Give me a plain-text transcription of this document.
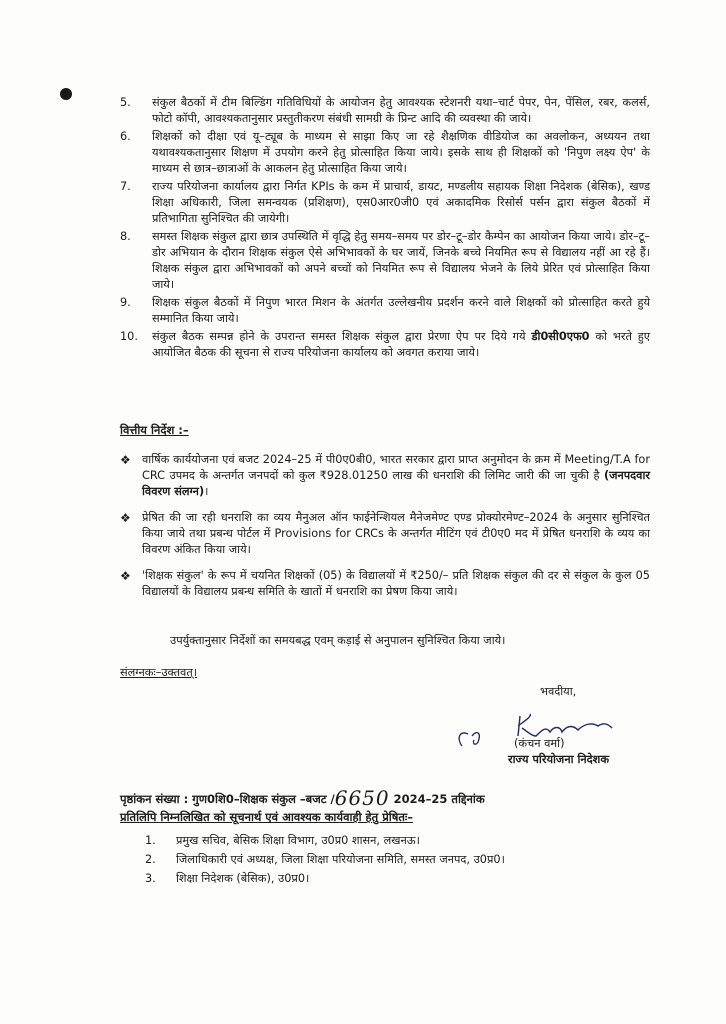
5. संकुल बैठकों में टीम बिल्डिंग गतिविधियों के आयोजन हेतु आवश्यक स्टेशनरी यथा–चार्ट पेपर, पेन, पेंसिल, रबर, कलर्स, फोटो कॉपी, आवश्यकतानुसार प्रस्तुतीकरण संबंधी सामग्री के प्रिन्ट आदि की व्यवस्था की जाये।
6. शिक्षकों को दीक्षा एवं यू–ट्यूब के माध्यम से साझा किए जा रहे शैक्षणिक वीडियोज का अवलोकन, अध्ययन तथा यथावश्यकतानुसार शिक्षण में उपयोग करने हेतु प्रोत्साहित किया जाये। इसके साथ ही शिक्षकों को 'निपुण लक्ष्य ऐप' के माध्यम से छात्र–छात्राओं के आकलन हेतु प्रोत्साहित किया जाये।
7. राज्य परियोजना कार्यालय द्वारा निर्गत KPIs के कम में प्राचार्य, डायट, मण्डलीय सहायक शिक्षा निदेशक (बेसिक), खण्ड शिक्षा अधिकारी, जिला समन्वयक (प्रशिक्षण), एस0आर0जी0 एवं अकादमिक रिसोर्स पर्सन द्वारा संकुल बैठकों में प्रतिभागिता सुनिश्चित की जायेगी।
8. समस्त शिक्षक संकुल द्वारा छात्र उपस्थिति में वृद्धि हेतु समय–समय पर डोर–टू–डोर कैम्पेन का आयोजन किया जाये। डोर–टू–डोर अभियान के दौरान शिक्षक संकुल ऐसे अभिभावकों के घर जायें, जिनके बच्चे नियमित रूप से विद्यालय नहीं आ रहे हैं। शिक्षक संकुल द्वारा अभिभावकों को अपने बच्चों को नियमित रूप से विद्यालय भेजने के लिये प्रेरित एवं प्रोत्साहित किया जाये।
9. शिक्षक संकुल बैठकों में निपुण भारत मिशन के अंतर्गत उल्लेखनीय प्रदर्शन करने वाले शिक्षकों को प्रोत्साहित करते हुये सम्मानित किया जाये।
10. संकुल बैठक सम्पन्न होने के उपरान्त समस्त शिक्षक संकुल द्वारा प्रेरणा ऐप पर दिये गये डी0सी0एफ0 को भरते हुए आयोजित बैठक की सूचना से राज्य परियोजना कार्यालय को अवगत कराया जाये।
वित्तीय निर्देश :–
❖ वार्षिक कार्ययोजना एवं बजट 2024–25 में पी0ए0बी0, भारत सरकार द्वारा प्राप्त अनुमोदन के क्रम में Meeting/T.A for CRC उपमद के अन्तर्गत जनपदों को कुल ₹928.01250 लाख की धनराशि की लिमिट जारी की जा चुकी है (जनपदवार विवरण संलग्न)।
❖ प्रेषित की जा रही धनराशि का व्यय मैनुअल ऑन फाईनेन्शियल मैनेजमेण्ट एण्ड प्रोक्योरमेण्ट–2024 के अनुसार सुनिश्चित किया जाये तथा प्रबन्ध पोर्टल में Provisions for CRCs के अन्तर्गत मीटिंग एवं टी0ए0 मद में प्रेषित धनराशि के व्यय का विवरण अंकित किया जाये।
❖ 'शिक्षक संकुल' के रूप में चयनित शिक्षकों (05) के विद्यालयों में ₹250/– प्रति शिक्षक संकुल की दर से संकुल के कुल 05 विद्यालयों के विद्यालय प्रबन्ध समिति के खातों में धनराशि का प्रेषण किया जाये।
उपर्युक्तानुसार निर्देशों का समयबद्ध एवम् कड़ाई से अनुपालन सुनिश्चित किया जाये।
संलग्नकः–उक्तवत्।
भवदीया,
(कंचन वर्मा)
राज्य परियोजना निदेशक
पृष्ठांकन संख्या : गुण0शि0–शिक्षक संकुल –बजट /6650 2024–25 तद्दिनांक
प्रतिलिपि निम्नलिखित को सूचनार्थ एवं आवश्यक कार्यवाही हेतु प्रेषितः–
1. प्रमुख सचिव, बेसिक शिक्षा विभाग, उ0प्र0 शासन, लखनऊ।
2. जिलाधिकारी एवं अध्यक्ष, जिला शिक्षा परियोजना समिति, समस्त जनपद, उ0प्र0।
3. शिक्षा निदेशक (बेसिक), उ0प्र0।
